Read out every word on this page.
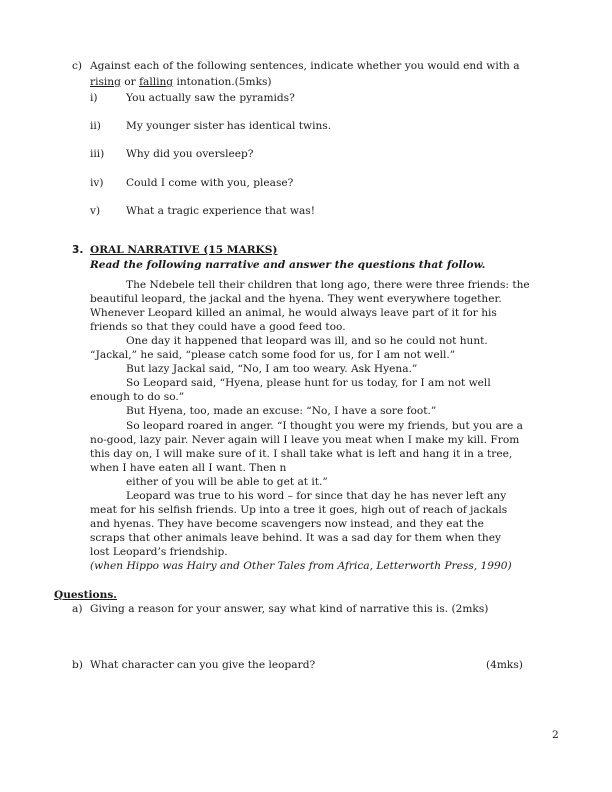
c) Against each of the following sentences, indicate whether you would end with a
rising or falling intonation.(5mks)
i)	You actually saw the pyramids?
ii) My younger sister has identical twins.
iii) Why did you oversleep?
iv) Could I come with you, please?
v) What a tragic experience that was!
3. ORAL NARRATIVE (15 MARKS)
Read the following narrative and answer the questions that follow.
The Ndebele tell their children that long ago, there were three friends: the
beautiful leopard, the jackal and the hyena. They went everywhere together.
Whenever Leopard killed an animal, he would always leave part of it for his
friends so that they could have a good feed too.
One day it happened that leopard was ill, and so he could not hunt.
“Jackal,” he said, “please catch some food for us, for I am not well.”
But lazy Jackal said, “No, I am too weary. Ask Hyena.”
So Leopard said, “Hyena, please hunt for us today, for I am not well
enough to do so.”
But Hyena, too, made an excuse: “No, I have a sore foot.”
So leopard roared in anger. “I thought you were my friends, but you are a
no-good, lazy pair. Never again will I leave you meat when I make my kill. From
this day on, I will make sure of it. I shall take what is left and hang it in a tree,
when I have eaten all I want. Then n
either of you will be able to get at it.”
Leopard was true to his word – for since that day he has never left any
meat for his selfish friends. Up into a tree it goes, high out of reach of jackals
and hyenas. They have become scavengers now instead, and they eat the
scraps that other animals leave behind. It was a sad day for them when they
lost Leopard’s friendship.
(when Hippo was Hairy and Other Tales from Africa, Letterworth Press, 1990)
Questions.
a) Giving a reason for your answer, say what kind of narrative this is. (2mks)
b) What character can you give the leopard?	(4mks)
2
